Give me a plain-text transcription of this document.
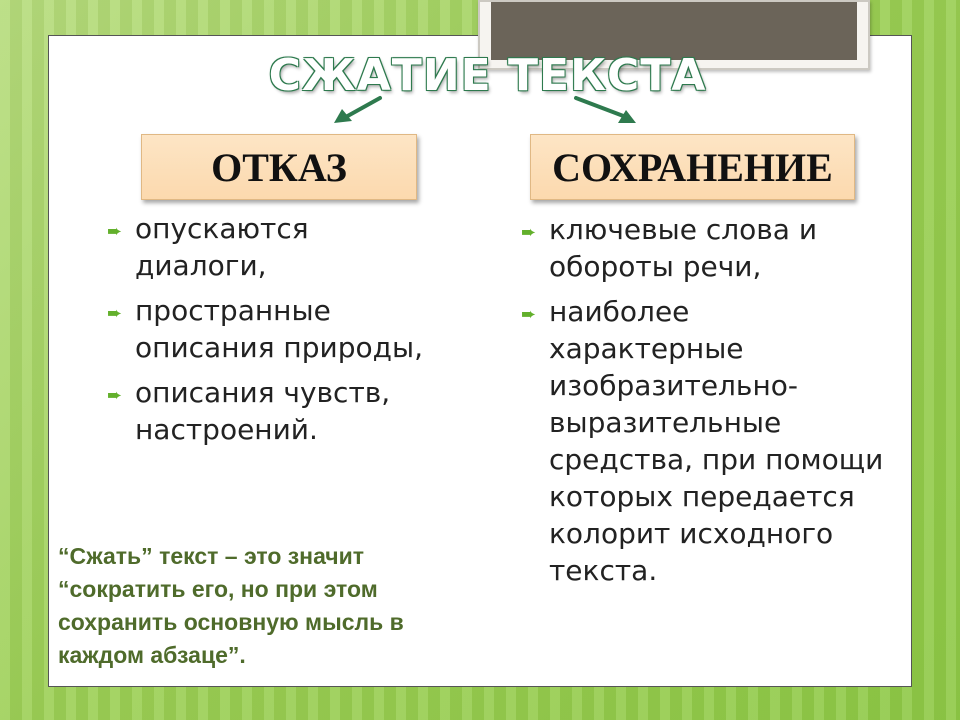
СЖАТИЕ ТЕКСТА
ОТКАЗ	СОХРАНЕНИЕ
➨ опускаются диалоги,
➨ пространные описания природы,
➨ описания чувств, настроений.
➨ ключевые слова и обороты речи,
➨ наиболее характерные изобразительно-выразительные средства, при помощи которых передается колорит исходного текста.
“Сжать” текст – это значит “сократить его, но при этом сохранить основную мысль в каждом абзаце”.
